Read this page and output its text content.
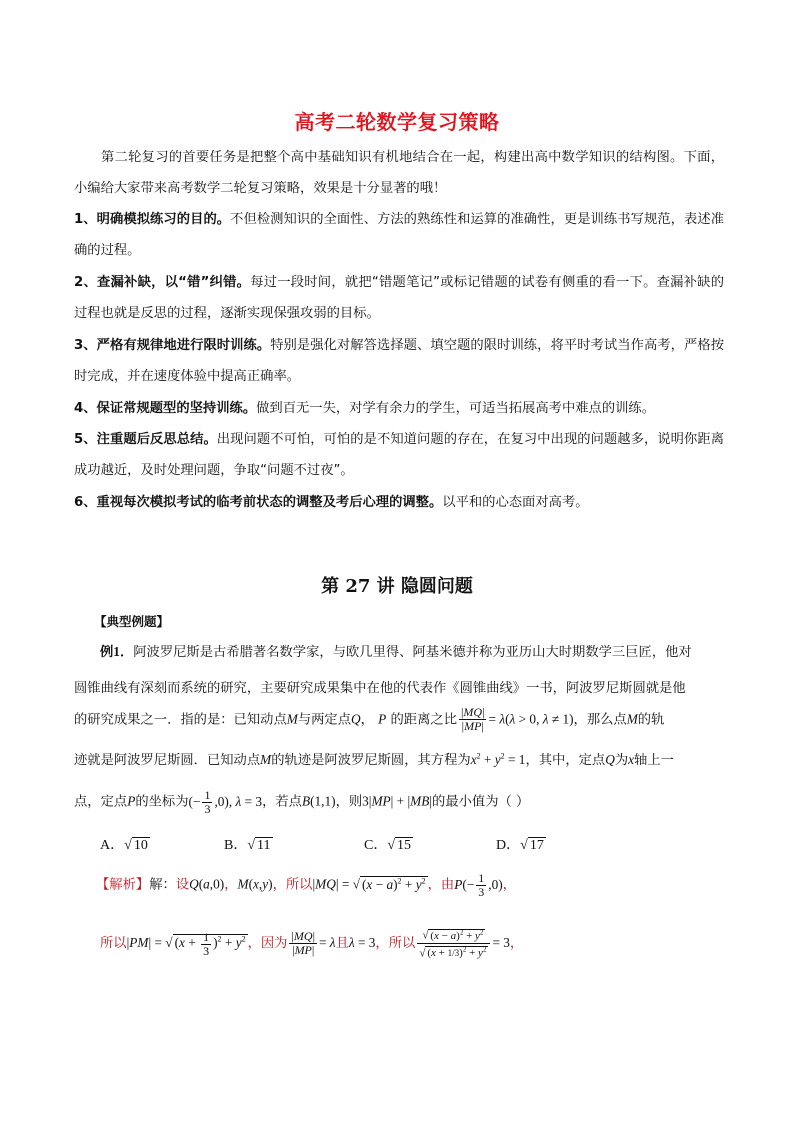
高考二轮数学复习策略
第二轮复习的首要任务是把整个高中基础知识有机地结合在一起，构建出高中数学知识的结构图。下面，小编给大家带来高考数学二轮复习策略，效果是十分显著的哦！
1、明确模拟练习的目的。不但检测知识的全面性、方法的熟练性和运算的准确性，更是训练书写规范，表述准确的过程。
2、查漏补缺，以“错”纠错。每过一段时间，就把“错题笔记”或标记错题的试卷有侧重的看一下。查漏补缺的过程也就是反思的过程，逐渐实现保强攻弱的目标。
3、严格有规律地进行限时训练。特别是强化对解答选择题、填空题的限时训练，将平时考试当作高考，严格按时完成，并在速度体验中提高正确率。
4、保证常规题型的坚持训练。做到百无一失，对学有余力的学生，可适当拓展高考中难点的训练。
5、注重题后反思总结。出现问题不可怕，可怕的是不知道问题的存在，在复习中出现的问题越多，说明你距离成功越近，及时处理问题，争取“问题不过夜”。
6、重视每次模拟考试的临考前状态的调整及考后心理的调整。以平和的心态面对高考。
第 27 讲 隐圆问题
【典型例题】
例1．阿波罗尼斯是古希腊著名数学家，与欧几里得、阿基米德并称为亚历山大时期数学三巨匠，他对
圆锥曲线有深刻而系统的研究，主要研究成果集中在他的代表作《圆锥曲线》一书，阿波罗尼斯圆就是他
的研究成果之一．指的是：已知动点M与两定点Q， P 的距离之比 $\frac{|MQ|}{|MP|} = \lambda(\lambda > 0$, λ ≠ 1)，那么点M的轨
迹就是阿波罗尼斯圆．已知动点M的轨迹是阿波罗尼斯圆，其方程为$x^2 + y^2 = 1$，其中，定点Q为x轴上一
点，定点P的坐标为(− $\frac{1}{3} ,0$), λ = 3，若点B(1,1)，则3|MP| + |MB|的最小值为（ ）
A．√ 10	B．√ 11	C．√ 15	D．√ 17
【解析】解：设Q(a,0)，M(x,y)，所以|MQ| = √ $(x - a)^2 + y^2$ ，由$P(- \frac{1}{3} ,0)$，
所以|PM| = √ $(x + \frac{1}{3} )^2 + y^2$ ，因为 $\frac{|MQ|}{|MP|} = \lambda$且λ = 3，所以 $\frac{√ (x - a)^2 + y^2}{√ (x + 1/3)^2 + y^2} = 3$，
